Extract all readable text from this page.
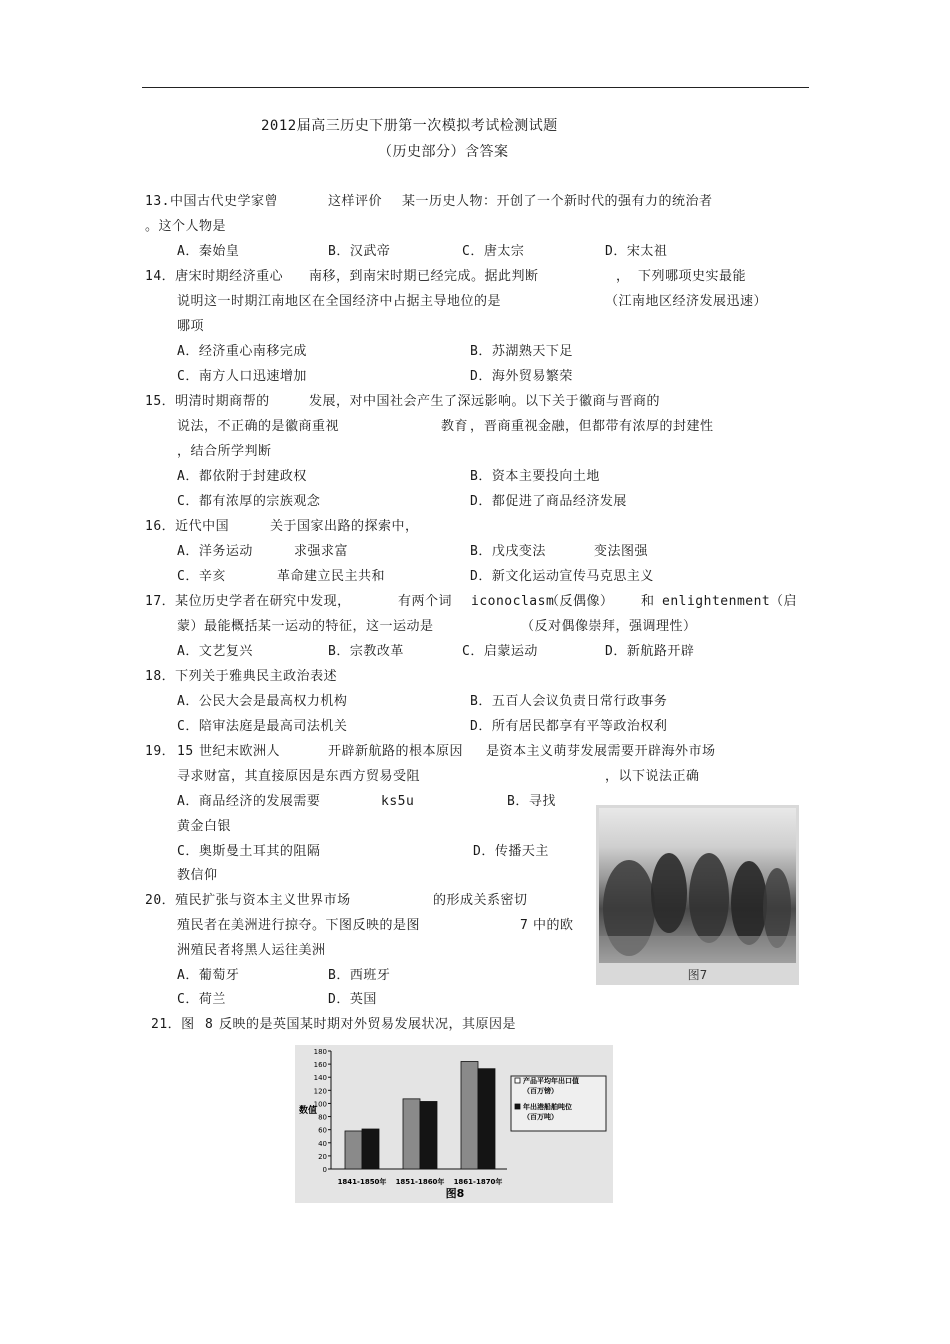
2012届高三历史下册第一次模拟考试检测试题
（历史部分）含答案
13.中国古代史学家曾	这样评价 某一历史人物：开创了一个新时代的强有力的统治者
。这个人物是
A．秦始皇	B．汉武帝	C．唐太宗	D．宋太祖
14．唐宋时期经济重心 南移，到南宋时期已经完成。据此判断	， 下列哪项史实最能
说明这一时期江南地区在全国经济中占据主导地位的是	（江南地区经济发展迅速）
哪项
A．经济重心南移完成	B．苏湖熟天下足
C．南方人口迅速增加	D．海外贸易繁荣
15．明清时期商帮的	发展，对中国社会产生了深远影响。以下关于徽商与晋商的
说法，不正确的是徽商重视	教育 ， 晋商重视金融，但都带有浓厚的封建性
，结合所学判断
A．都依附于封建政权	B．资本主要投向土地
C．都有浓厚的宗族观念	D．都促进了商品经济发展
16．近代中国	关于国家出路的探索中，
A．洋务运动	求强求富	B．戊戌变法	变法图强
C．辛亥	革命建立民主共和	D．新文化运动宣传马克思主义
17．某位历史学者在研究中发现，	有两个词 iconoclasm
（反偶像） 和 enlightenment （启
蒙）最能概括某一运动的特征，这一运动是	（反对偶像崇拜，强调理性）
A．文艺复兴	B．宗教改革	C．启蒙运动	D．新航路开辟
18．下列关于雅典民主政治表述
A．公民大会是最高权力机构	B．五百人会议负责日常行政事务
C．陪审法庭是最高司法机关	D．所有居民都享有平等政治权利
19． 15 世纪末欧洲人	开辟新航路的根本原因 是资本主义萌芽发展需要开辟海外市场
寻求财富，其直接原因是东西方贸易受阻	，以下说法正确
A．商品经济的发展需要	ks5u	B．寻找
黄金白银
C．奥斯曼土耳其的阻隔	D．传播天主
教信仰
20．殖民扩张与资本主义世界市场	的形成关系密切
殖民者在美洲进行掠夺。下图反映的是图	7 中的欧
洲殖民者将黑人运往美洲
A．葡萄牙	B．西班牙
C．荷兰	D．英国
图7
21．图 8 反映的是英国某时期对外贸易发展状况，其原因是
0
20
40
60
80
100
120
140
160
180
数值
1841-1850年 1851-1860年 1861-1870年
产品平均年出口值
（百万镑）
年出港船舶吨位
（百万吨）
图8
